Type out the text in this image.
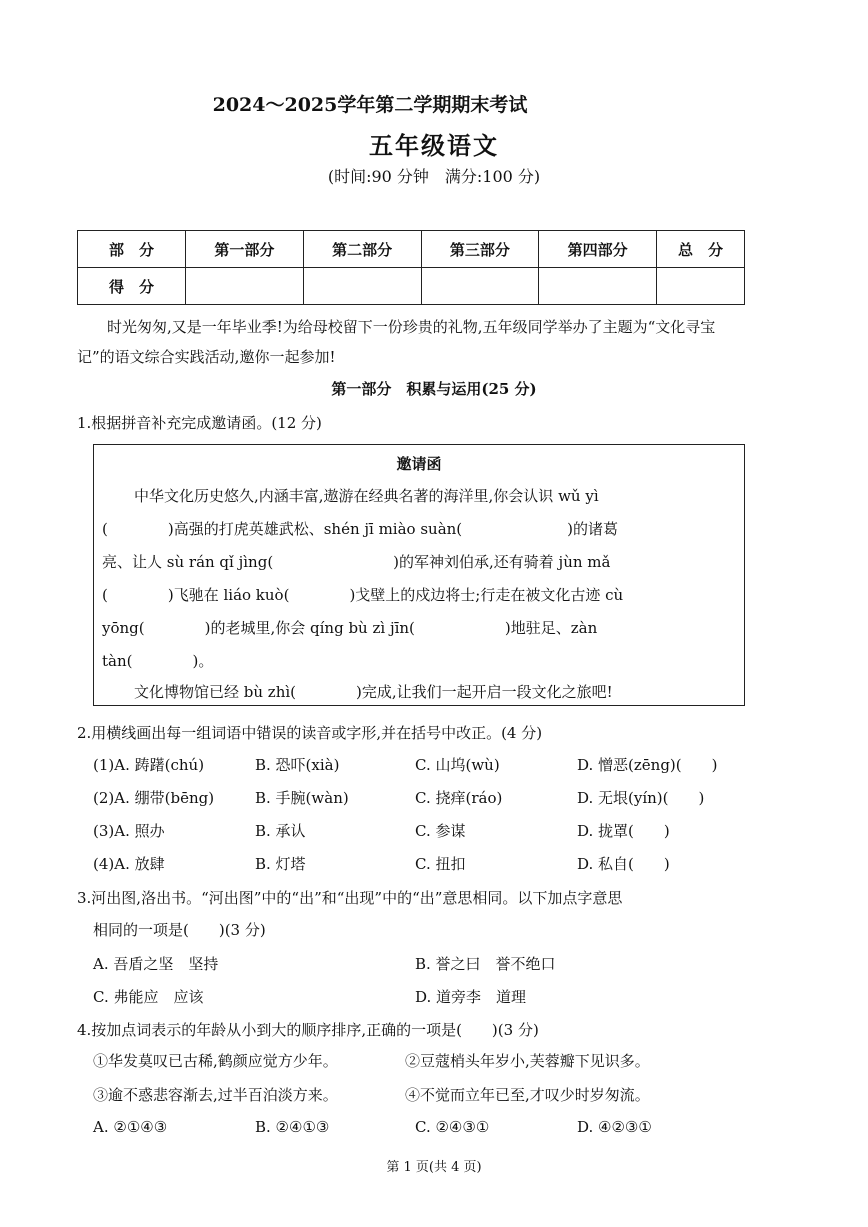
2024～2025学年第二学期期末考试
五年级语文
(时间:90 分钟　满分:100 分)
部　分	第一部分	第二部分	第三部分	第四部分	总　分
得　分					
时光匆匆,又是一年毕业季!为给母校留下一份珍贵的礼物,五年级同学举办了主题为“文化寻宝记”的语文综合实践活动,邀你一起参加!
第一部分　积累与运用(25 分)
1.根据拼音补充完成邀请函。(12 分)
邀请函
中华文化历史悠久,内涵丰富,遨游在经典名著的海洋里,你会认识 wǔ yì
(　　　　)高强的打虎英雄武松、shén jī miào suàn(　　　　　　　)的诸葛
亮、让人 sù rán qǐ jìng(　　　　　　　　)的军神刘伯承,还有骑着 jùn mǎ
(　　　　)飞驰在 liáo kuò(　　　　)戈壁上的戍边将士;行走在被文化古迹 cù
yōng(　　　　)的老城里,你会 qíng bù zì jīn(　　　　　　)地驻足、zàn
tàn(　　　　)。
文化博物馆已经 bù zhì(　　　　)完成,让我们一起开启一段文化之旅吧!
2.用横线画出每一组词语中错误的读音或字形,并在括号中改正。(4 分)
(1)A. 踌躇(chú)	B. 恐吓(xià)	C. 山坞(wù)	D. 憎恶(zēng)(　　)
(2)A. 绷带(bēng)	B. 手腕(wàn)	C. 挠痒(ráo)	D. 无垠(yín)(　　)
(3)A. 照办	B. 承认	C. 参谋	D. 拢罩(　　)
(4)A. 放肆	B. 灯塔	C. 扭扣	D. 私自(　　)
3.河出图,洛出书。“河出图”中的“出”和“出现”中的“出”意思相同。以下加点字意思
相同的一项是(　　)(3 分)
A. 吾盾之坚　坚持	B. 誉之曰　誉不绝口
C. 弗能应　应该	D. 道旁李　道理
4.按加点词表示的年龄从小到大的顺序排序,正确的一项是(　　)(3 分)
①华发莫叹已古稀,鹤颜应觉方少年。	②豆蔻梢头年岁小,芙蓉瓣下见识多。
③逾不惑悲容渐去,过半百泊淡方来。	④不觉而立年已至,才叹少时岁匆流。
A. ②①④③	B. ②④①③	C. ②④③①	D. ④②③①
第 1 页(共 4 页)
